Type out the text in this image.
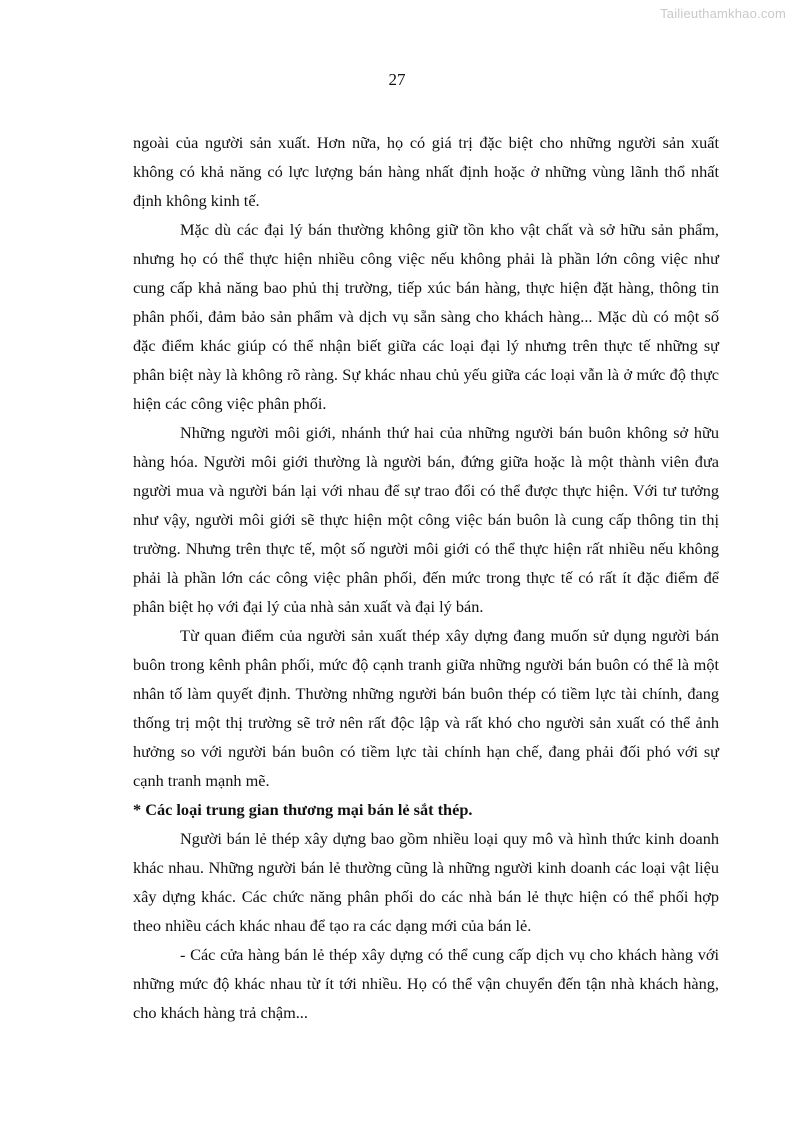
Tailieuthamkhao.com
27

ngoài của người sản xuất. Hơn nữa, họ có giá trị đặc biệt cho những người sản xuất không có khả năng có lực lượng bán hàng nhất định hoặc ở những vùng lãnh thổ nhất định không kinh tế.

Mặc dù các đại lý bán thường không giữ tồn kho vật chất và sở hữu sản phẩm, nhưng họ có thể thực hiện nhiều công việc nếu không phải là phần lớn công việc như cung cấp khả năng bao phủ thị trường, tiếp xúc bán hàng, thực hiện đặt hàng, thông tin phân phối, đảm bảo sản phẩm và dịch vụ sẵn sàng cho khách hàng... Mặc dù có một số đặc điểm khác giúp có thể nhận biết giữa các loại đại lý nhưng trên thực tế những sự phân biệt này là không rõ ràng. Sự khác nhau chủ yếu giữa các loại vẫn là ở mức độ thực hiện các công việc phân phối.

Những người môi giới, nhánh thứ hai của những người bán buôn không sở hữu hàng hóa. Người môi giới thường là người bán, đứng giữa hoặc là một thành viên đưa người mua và người bán lại với nhau để sự trao đổi có thể được thực hiện. Với tư tưởng như vậy, người môi giới sẽ thực hiện một công việc bán buôn là cung cấp thông tin thị trường. Nhưng trên thực tế, một số người môi giới có thể thực hiện rất nhiều nếu không phải là phần lớn các công việc phân phối, đến mức trong thực tế có rất ít đặc điểm để phân biệt họ với đại lý của nhà sản xuất và đại lý bán.

Từ quan điểm của người sản xuất thép xây dựng đang muốn sử dụng người bán buôn trong kênh phân phối, mức độ cạnh tranh giữa những người bán buôn có thể là một nhân tố làm quyết định. Thường những người bán buôn thép có tiềm lực tài chính, đang thống trị một thị trường sẽ trở nên rất độc lập và rất khó cho người sản xuất có thể ảnh hưởng so với người bán buôn có tiềm lực tài chính hạn chế, đang phải đối phó với sự cạnh tranh mạnh mẽ.

* Các loại trung gian thương mại bán lẻ sắt thép.

Người bán lẻ thép xây dựng bao gồm nhiều loại quy mô và hình thức kinh doanh khác nhau. Những người bán lẻ thường cũng là những người kinh doanh các loại vật liệu xây dựng khác. Các chức năng phân phối do các nhà bán lẻ thực hiện có thể phối hợp theo nhiều cách khác nhau để tạo ra các dạng mới của bán lẻ.

- Các cửa hàng bán lẻ thép xây dựng có thể cung cấp dịch vụ cho khách hàng với những mức độ khác nhau từ ít tới nhiều. Họ có thể vận chuyển đến tận nhà khách hàng, cho khách hàng trả chậm...
